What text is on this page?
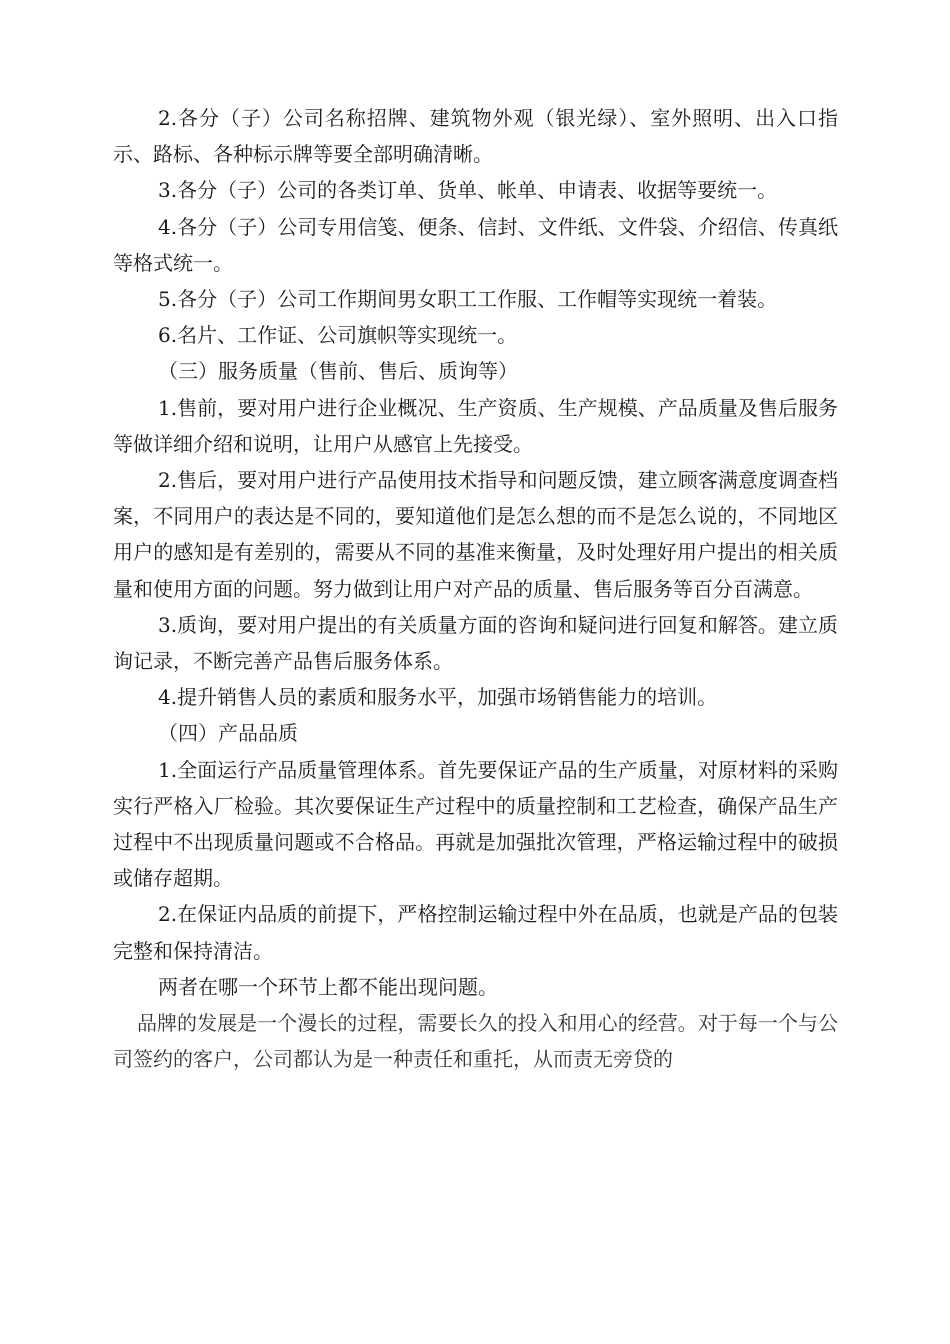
2.各分（子）公司名称招牌、建筑物外观（银光绿）、室外照明、出入口指示、路标、各种标示牌等要全部明确清晰。

3.各分（子）公司的各类订单、货单、帐单、申请表、收据等要统一。

4.各分（子）公司专用信笺、便条、信封、文件纸、文件袋、介绍信、传真纸等格式统一。

5.各分（子）公司工作期间男女职工工作服、工作帽等实现统一着装。

6.名片、工作证、公司旗帜等实现统一。

（三）服务质量（售前、售后、质询等）

1.售前，要对用户进行企业概况、生产资质、生产规模、产品质量及售后服务等做详细介绍和说明，让用户从感官上先接受。

2.售后，要对用户进行产品使用技术指导和问题反馈，建立顾客满意度调查档案，不同用户的表达是不同的，要知道他们是怎么想的而不是怎么说的，不同地区用户的感知是有差别的，需要从不同的基准来衡量，及时处理好用户提出的相关质量和使用方面的问题。努力做到让用户对产品的质量、售后服务等百分百满意。

3.质询，要对用户提出的有关质量方面的咨询和疑问进行回复和解答。建立质询记录，不断完善产品售后服务体系。

4.提升销售人员的素质和服务水平，加强市场销售能力的培训。

（四）产品品质

1.全面运行产品质量管理体系。首先要保证产品的生产质量，对原材料的采购实行严格入厂检验。其次要保证生产过程中的质量控制和工艺检查，确保产品生产过程中不出现质量问题或不合格品。再就是加强批次管理，严格运输过程中的破损或储存超期。

2.在保证内品质的前提下，严格控制运输过程中外在品质，也就是产品的包装完整和保持清洁。

两者在哪一个环节上都不能出现问题。

品牌的发展是一个漫长的过程，需要长久的投入和用心的经营。对于每一个与公司签约的客户，公司都认为是一种责任和重托，从而责无旁贷的
